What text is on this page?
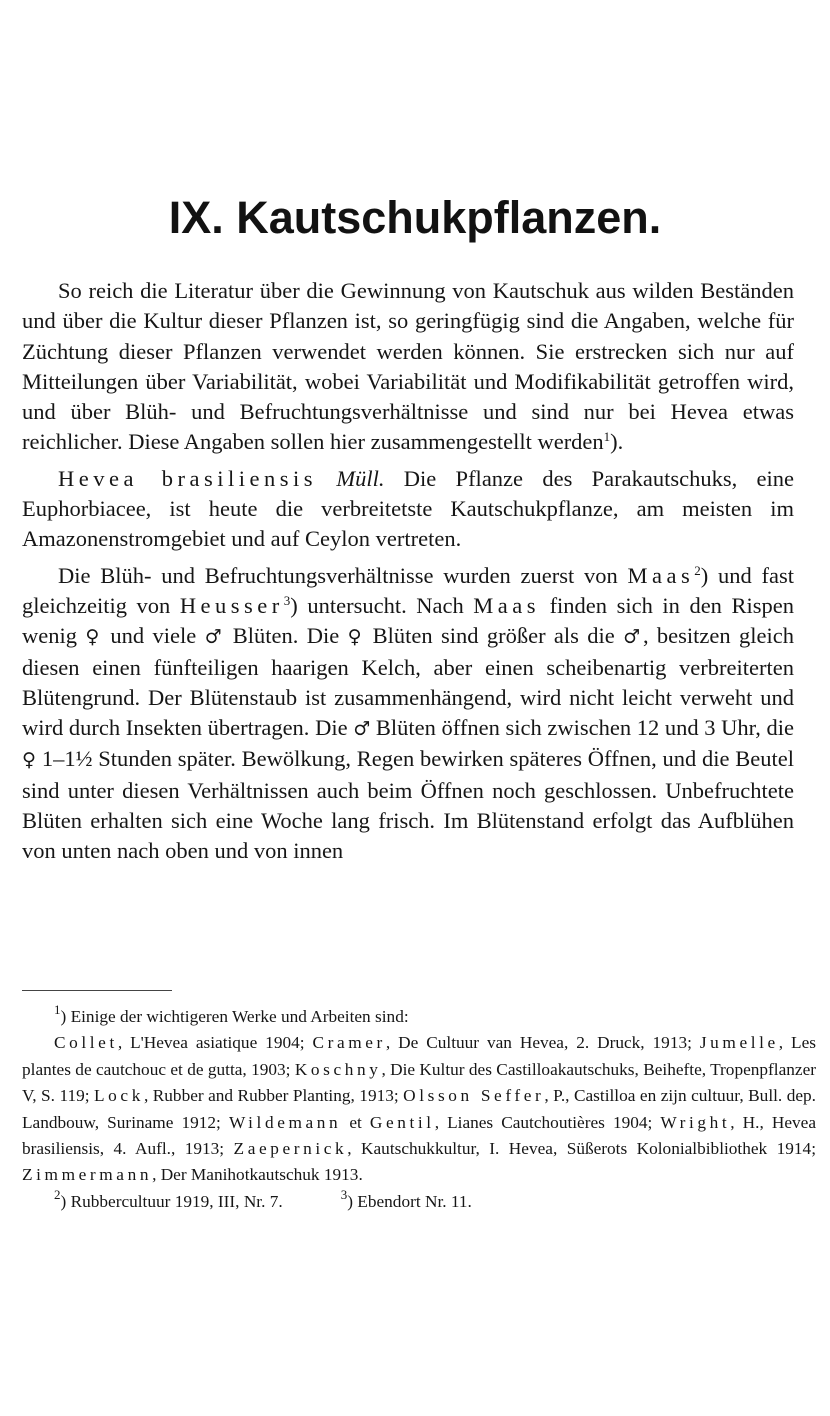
IX. Kautschukpflanzen.

So reich die Literatur über die Gewinnung von Kautschuk aus wilden Beständen und über die Kultur dieser Pflanzen ist, so geringfügig sind die Angaben, welche für Züchtung dieser Pflanzen verwendet werden können. Sie erstrecken sich nur auf Mitteilungen über Variabilität, wobei Variabilität und Modifikabilität getroffen wird, und über Blüh- und Befruchtungsverhältnisse und sind nur bei Hevea etwas reichlicher. Diese Angaben sollen hier zusammengestellt werden$^1$).

Hevea brasiliensis Müll. Die Pflanze des Parakautschuks, eine Euphorbiacee, ist heute die verbreitetste Kautschukpflanze, am meisten im Amazonenstromgebiet und auf Ceylon vertreten.

Die Blüh- und Befruchtungsverhältnisse wurden zuerst von Maas$^2$) und fast gleichzeitig von Heusser$^3$) untersucht. Nach Maas finden sich in den Rispen wenig ♀ und viele ♂ Blüten. Die ♀ Blüten sind größer als die ♂, besitzen gleich diesen einen fünfteiligen haarigen Kelch, aber einen scheibenartig verbreiterten Blütengrund. Der Blütenstaub ist zusammenhängend, wird nicht leicht verweht und wird durch Insekten übertragen. Die ♂ Blüten öffnen sich zwischen 12 und 3 Uhr, die ♀ 1–1½ Stunden später. Bewölkung, Regen bewirken späteres Öffnen, und die Beutel sind unter diesen Verhältnissen auch beim Öffnen noch geschlossen. Unbefruchtete Blüten erhalten sich eine Woche lang frisch. Im Blütenstand erfolgt das Aufblühen von unten nach oben und von innen

$^1$) Einige der wichtigeren Werke und Arbeiten sind:

Collet, L'Hevea asiatique 1904; Cramer, De Cultuur van Hevea, 2. Druck, 1913; Jumelle, Les plantes de cautchouc et de gutta, 1903; Koschny, Die Kultur des Castilloakautschuks, Beihefte, Tropenpflanzer V, S. 119; Lock, Rubber and Rubber Planting, 1913; Olsson Seffer, P., Castilloa en zijn cultuur, Bull. dep. Landbouw, Suriname 1912; Wildemann et Gentil, Lianes Cautchoutières 1904; Wright, H., Hevea brasiliensis, 4. Aufl., 1913; Zaepernick, Kautschukkultur, I. Hevea, Süßerots Kolonialbibliothek 1914; Zimmermann, Der Manihotkautschuk 1913.

$^2$) Rubbercultuur 1919, III, Nr. 7.	$^3$) Ebendort Nr. 11.
